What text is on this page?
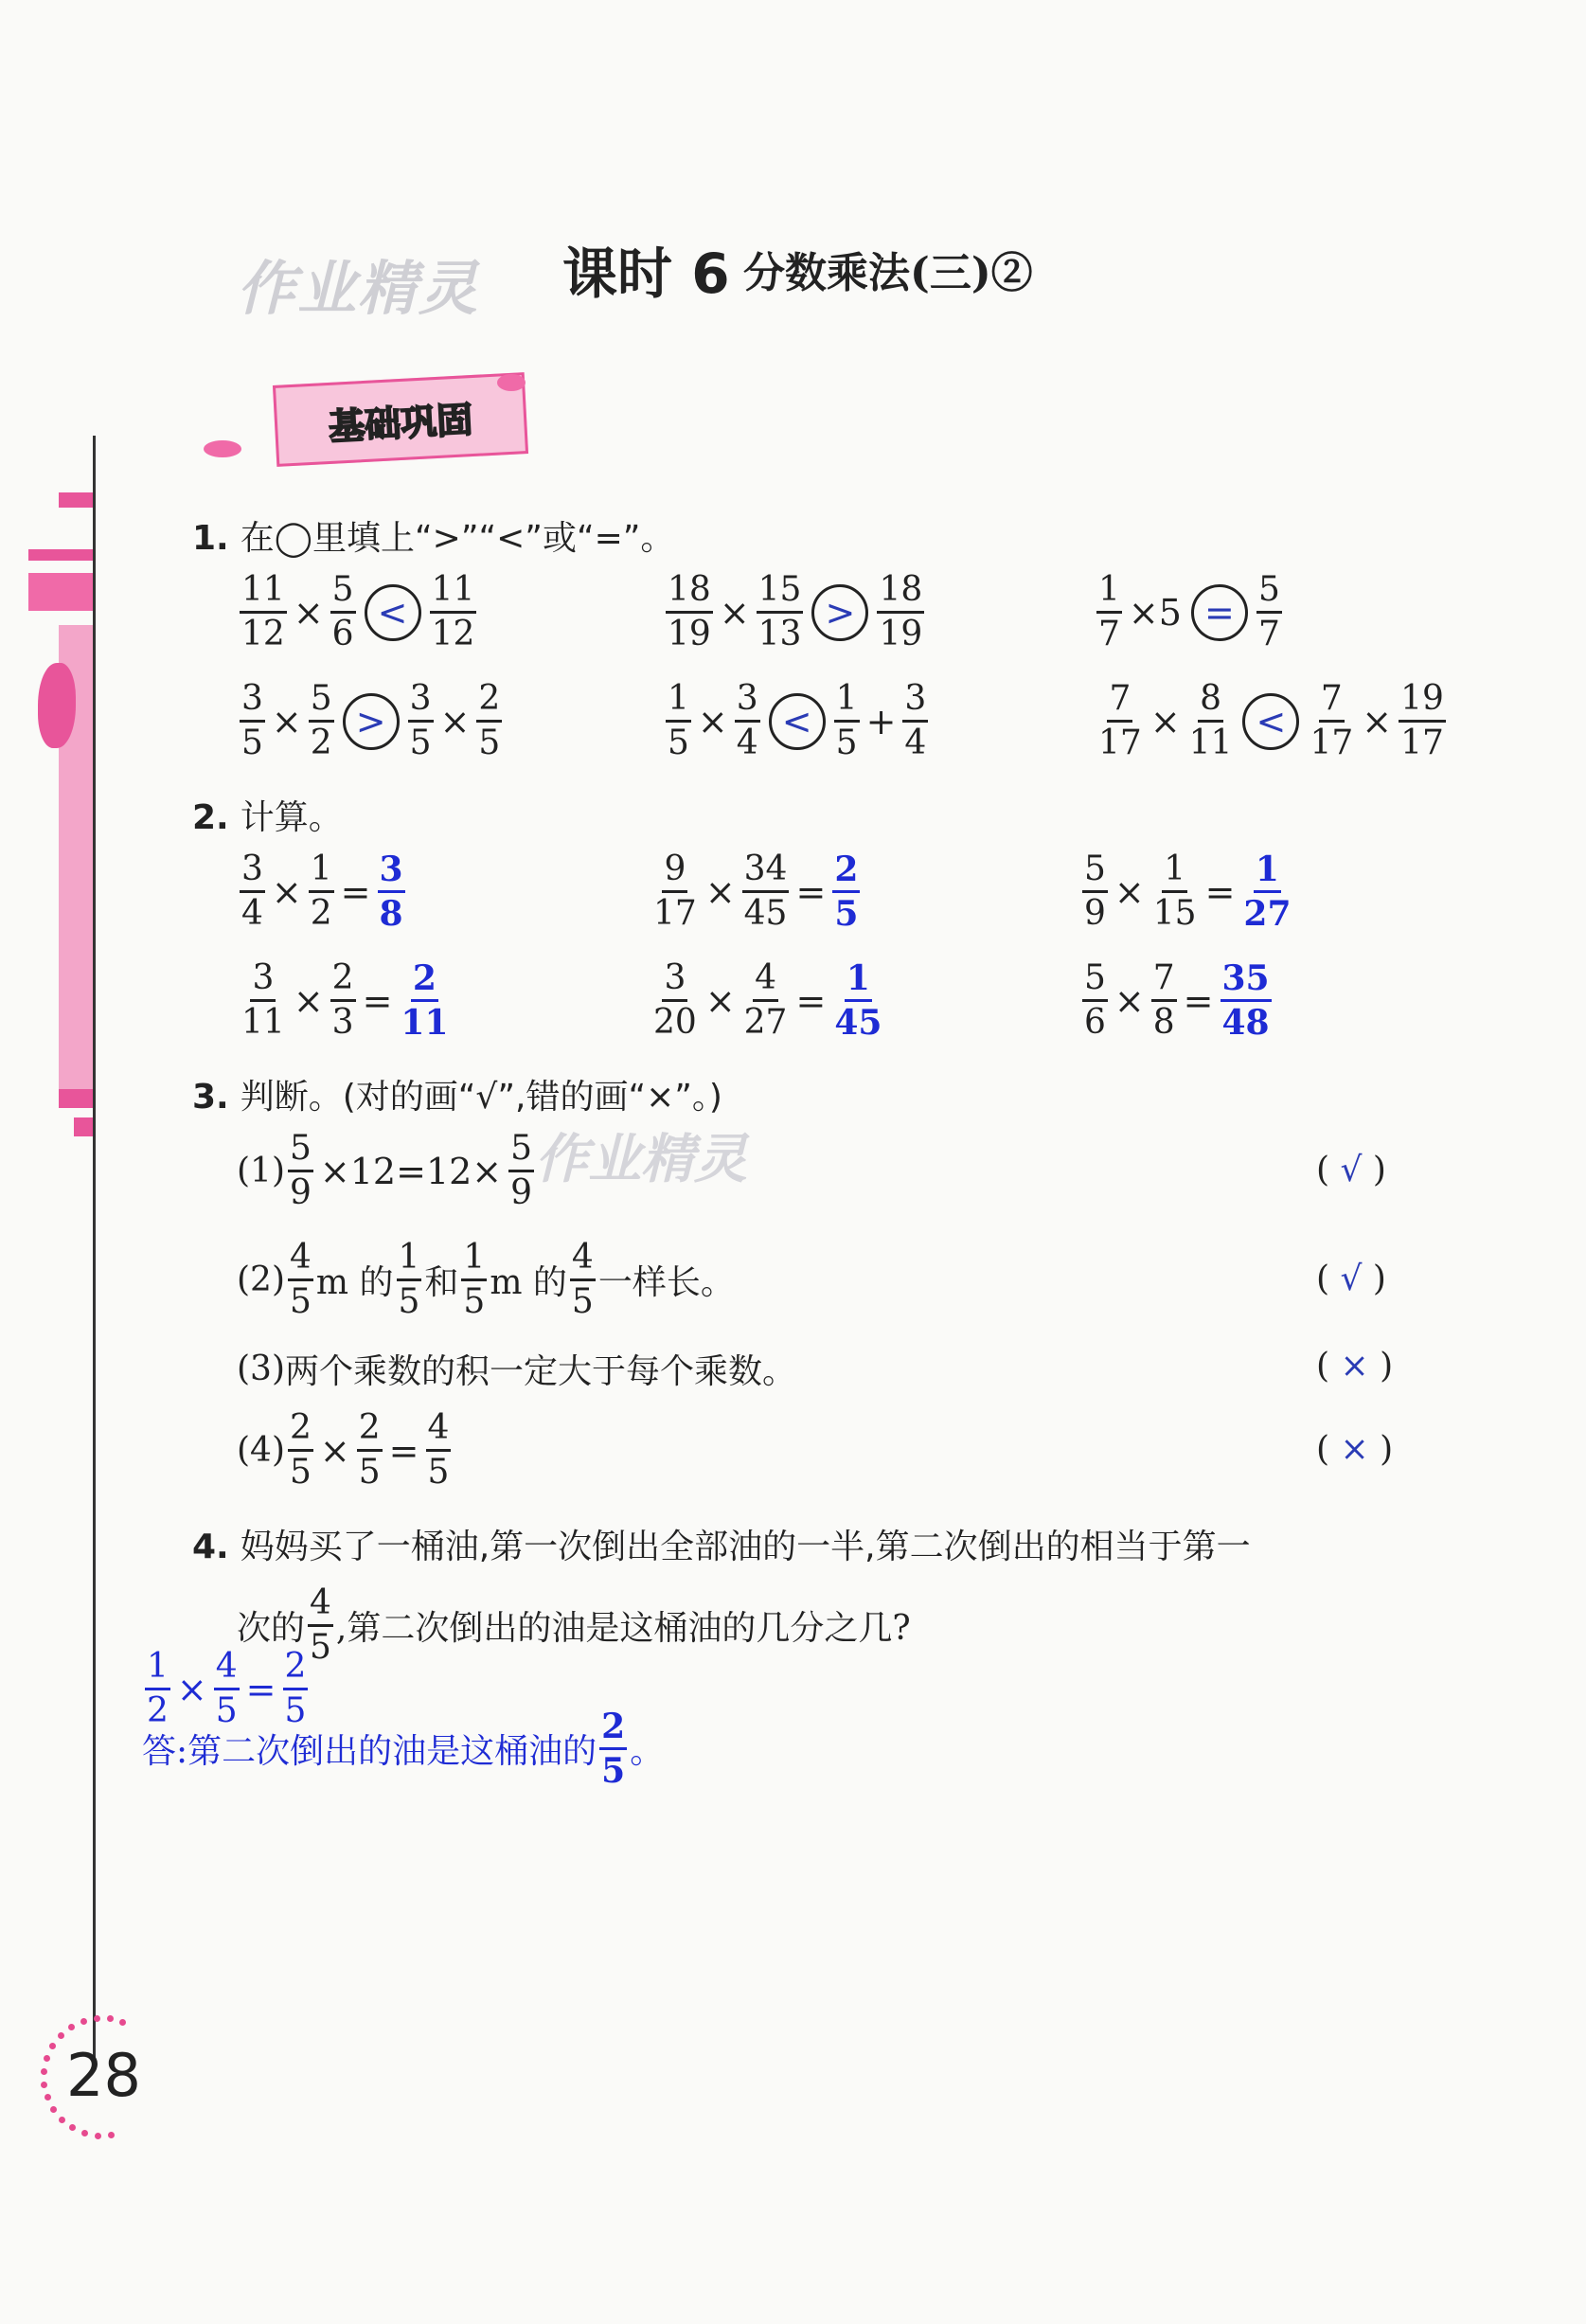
作业精灵 课时 6 分数乘法(三)②
基础巩固
1. 在◯里填上“>”“<”或“=”。
$\frac{11}{12} \times \frac{5}{6} < \frac{11}{12}$	$\frac{18}{19} \times \frac{15}{13} > \frac{18}{19}$	$\frac{1}{7} \times 5 = \frac{5}{7}$
$\frac{3}{5} \times \frac{5}{2} > \frac{3}{5} \times \frac{2}{5}$	$\frac{1}{5} \times \frac{3}{4} < \frac{1}{5} + \frac{3}{4}$	$\frac{7}{17} \times \frac{8}{11} < \frac{7}{17} \times \frac{19}{17}$
2. 计算。
$\frac{3}{4} \times \frac{1}{2} = \frac{3}{8}$	$\frac{9}{17} \times \frac{34}{45} = \frac{2}{5}$	$\frac{5}{9} \times \frac{1}{15} = \frac{1}{27}$
$\frac{3}{11} \times \frac{2}{3} = \frac{2}{11}$	$\frac{3}{20} \times \frac{4}{27} = \frac{1}{45}$	$\frac{5}{6} \times \frac{7}{8} = \frac{35}{48}$
3. 判断。(对的画“√”,错的画“×”。)
作业精灵
$(1) \frac{5}{9} \times 12=12\times \frac{5}{9}$	( √ )
$(2) \frac{4}{5}$ m 的 $\frac{1}{5}$ 和 $\frac{1}{5}$ m 的 $\frac{4}{5}$ 一样长。	( √ )
(3) 两个乘数的积一定大于每个乘数。	( × )
$(4) \frac{2}{5} \times \frac{2}{5} = \frac{4}{5}$	( × )
4. 妈妈买了一桶油,第一次倒出全部油的一半,第二次倒出的相当于第一
次的 $\frac{4}{5}$ ,第二次倒出的油是这桶油的几分之几?
$\frac{1}{2} \times \frac{4}{5} = \frac{2}{5}$
答:第二次倒出的油是这桶油的 $\frac{2}{5}$ 。
28
